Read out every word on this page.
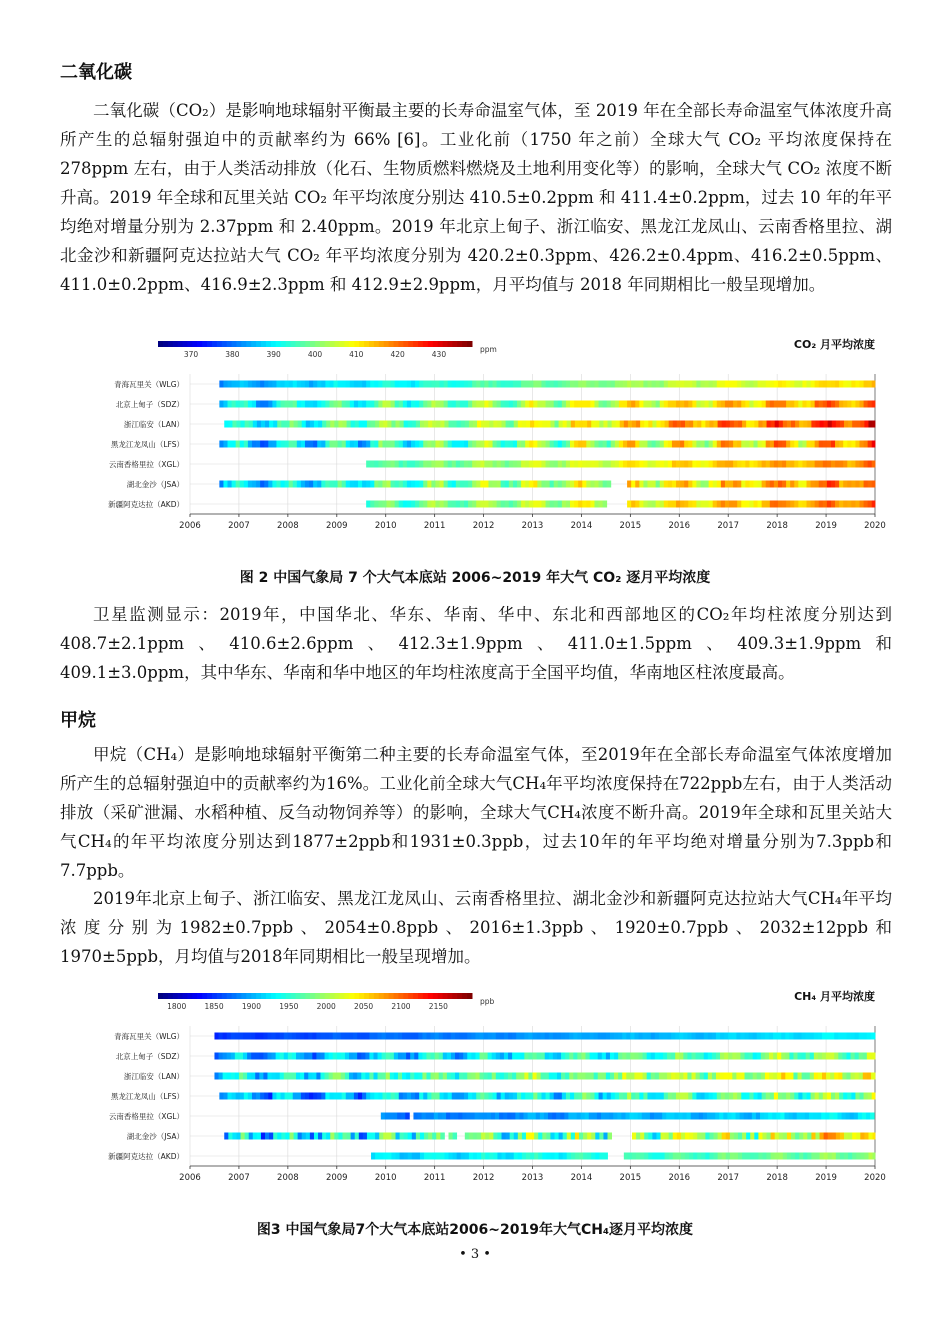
二氧化碳

二氧化碳（CO₂）是影响地球辐射平衡最主要的长寿命温室气体，至 2019 年在全部长寿命温室气体浓度升高所产生的总辐射强迫中的贡献率约为 66% [6]。工业化前（1750 年之前）全球大气 CO₂ 平均浓度保持在 278ppm 左右，由于人类活动排放（化石、生物质燃料燃烧及土地利用变化等）的影响，全球大气 CO₂ 浓度不断升高。2019 年全球和瓦里关站 CO₂ 年平均浓度分别达 410.5±0.2ppm 和 411.4±0.2ppm，过去 10 年的年平均绝对增量分别为 2.37ppm 和 2.40ppm。2019 年北京上甸子、浙江临安、黑龙江龙凤山、云南香格里拉、湖北金沙和新疆阿克达拉站大气 CO₂ 年平均浓度分别为 420.2±0.3ppm、426.2±0.4ppm、416.2±0.5ppm、411.0±0.2ppm、416.9±2.3ppm 和 412.9±2.9ppm，月平均值与 2018 年同期相比一般呈现增加。

370	380	390	400	410	420	430
ppm	CO₂ 月平均浓度
2006	2007	2008	2009	2010	2011	2012	2013	2014	2015	2016	2017	2018	2019	2020
青海瓦里关（WLG）
北京上甸子（SDZ）
浙江临安（LAN）
黑龙江龙凤山（LFS）
云南香格里拉（XGL）
湖北金沙（JSA）
新疆阿克达拉（AKD）
图 2 中国气象局 7 个大气本底站 2006~2019 年大气 CO₂ 逐月平均浓度

卫星监测显示：2019年，中国华北、华东、华南、华中、东北和西部地区的CO₂年均柱浓度分别达到408.7±2.1ppm、410.6±2.6ppm、412.3±1.9ppm、411.0±1.5ppm、409.3±1.9ppm和409.1±3.0ppm，其中华东、华南和华中地区的年均柱浓度高于全国平均值，华南地区柱浓度最高。

甲烷

甲烷（CH₄）是影响地球辐射平衡第二种主要的长寿命温室气体，至2019年在全部长寿命温室气体浓度增加所产生的总辐射强迫中的贡献率约为16%。工业化前全球大气CH₄年平均浓度保持在722ppb左右，由于人类活动排放（采矿泄漏、水稻种植、反刍动物饲养等）的影响，全球大气CH₄浓度不断升高。2019年全球和瓦里关站大气CH₄的年平均浓度分别达到1877±2ppb和1931±0.3ppb，过去10年的年平均绝对增量分别为7.3ppb和7.7ppb。

2019年北京上甸子、浙江临安、黑龙江龙凤山、云南香格里拉、湖北金沙和新疆阿克达拉站大气CH₄年平均浓度分别为1982±0.7ppb、2054±0.8ppb、2016±1.3ppb、1920±0.7ppb、2032±12ppb和1970±5ppb，月均值与2018年同期相比一般呈现增加。

1800 1850 1900 1950 2000 2050 2100 2150
ppb	CH₄ 月平均浓度
2006	2007	2008	2009	2010	2011	2012	2013	2014	2015	2016	2017	2018	2019	2020
青海瓦里关（WLG）
北京上甸子（SDZ）
浙江临安（LAN）
黑龙江龙凤山（LFS）
云南香格里拉（XGL）
湖北金沙（JSA）
新疆阿克达拉（AKD）
图3 中国气象局7个大气本底站2006~2019年大气CH₄逐月平均浓度
• 3 •
